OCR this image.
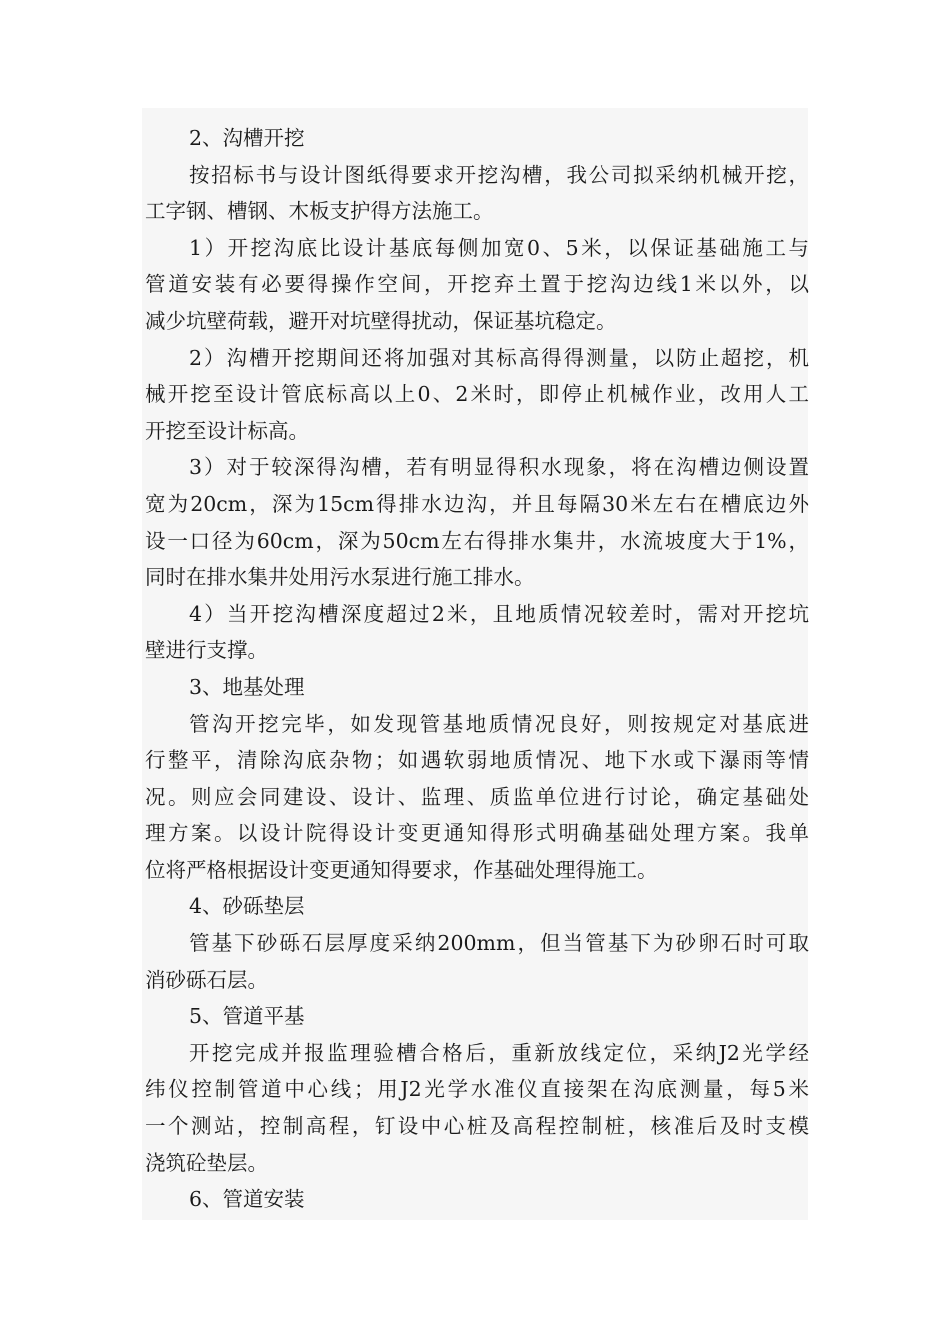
2、沟槽开挖
按招标书与设计图纸得要求开挖沟槽，我公司拟采纳机械开挖，
工字钢、槽钢、木板支护得方法施工。
1）开挖沟底比设计基底每侧加宽0、5米，以保证基础施工与
管道安装有必要得操作空间，开挖弃土置于挖沟边线1米以外，以
减少坑壁荷载，避开对坑壁得扰动，保证基坑稳定。
2）沟槽开挖期间还将加强对其标高得得测量，以防止超挖，机
械开挖至设计管底标高以上0、2米时，即停止机械作业，改用人工
开挖至设计标高。
3）对于较深得沟槽，若有明显得积水现象，将在沟槽边侧设置
宽为20cm，深为15cm得排水边沟，并且每隔30米左右在槽底边外
设一口径为60cm，深为50cm左右得排水集井，水流坡度大于1%，
同时在排水集井处用污水泵进行施工排水。
4）当开挖沟槽深度超过2米，且地质情况较差时，需对开挖坑
壁进行支撑。
3、地基处理
管沟开挖完毕，如发现管基地质情况良好，则按规定对基底进
行整平，清除沟底杂物；如遇软弱地质情况、地下水或下瀑雨等情
况。则应会同建设、设计、监理、质监单位进行讨论，确定基础处
理方案。以设计院得设计变更通知得形式明确基础处理方案。我单
位将严格根据设计变更通知得要求，作基础处理得施工。
4、砂砾垫层
管基下砂砾石层厚度采纳200mm，但当管基下为砂卵石时可取
消砂砾石层。
5、管道平基
开挖完成并报监理验槽合格后，重新放线定位，采纳J2光学经
纬仪控制管道中心线；用J2光学水准仪直接架在沟底测量，每5米
一个测站，控制高程，钉设中心桩及高程控制桩，核准后及时支模
浇筑砼垫层。
6、管道安装
